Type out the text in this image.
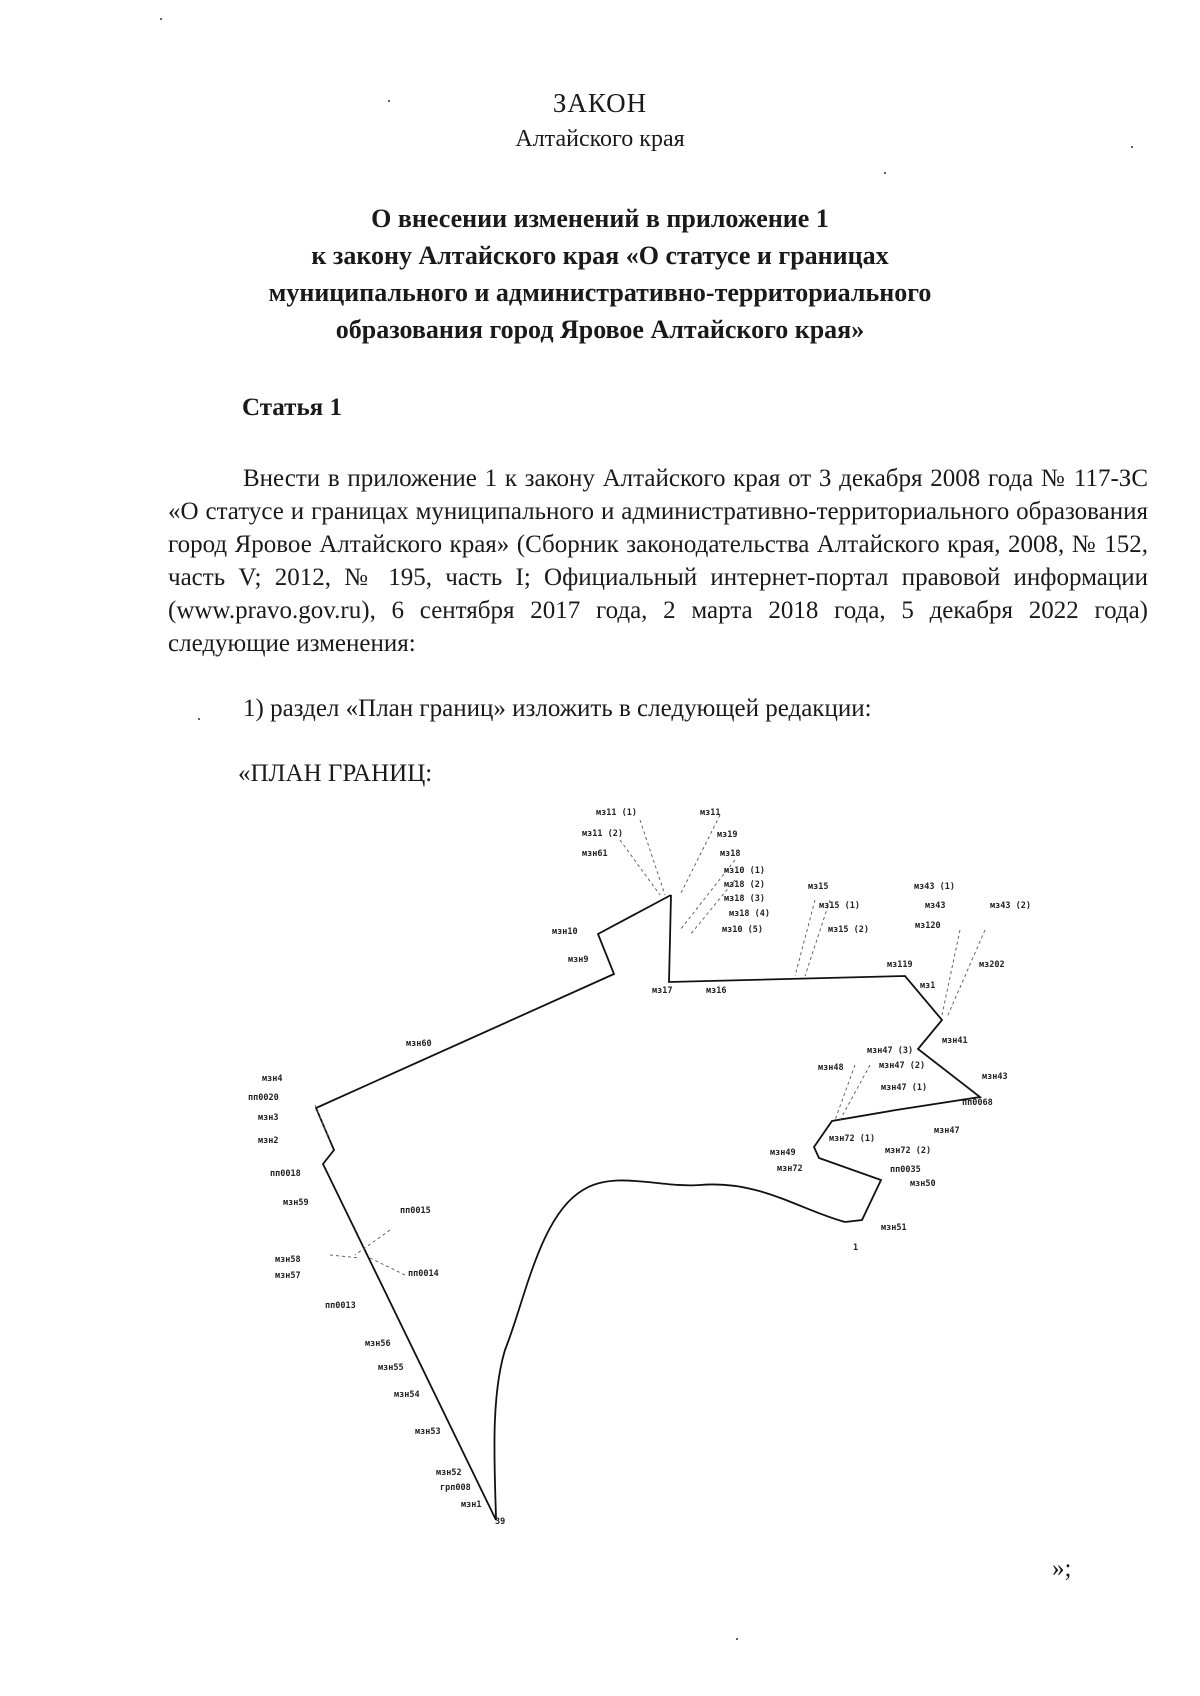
ЗАКОН
Алтайского края
О внесении изменений в приложение 1
к закону Алтайского края «О статусе и границах
муниципального и административно-территориального
образования город Яровое Алтайского края»
Статья 1

Внести в приложение 1 к закону Алтайского края от 3 декабря 2008 года № 117-ЗС «О статусе и границах муниципального и административно-территориального образования город Яровое Алтайского края» (Сборник законодательства Алтайского края, 2008, № 152, часть V; 2012, № 195, часть I; Официальный интернет-портал правовой информации (www.pravo.gov.ru), 6 сентября 2017 года, 2 марта 2018 года, 5 декабря 2022 года) следующие изменения:

1) раздел «План границ» изложить в следующей редакции:
«ПЛАН ГРАНИЦ:
мз11 (1)	мз11
мз11 (2)
мзн61
мз19
мз18
мз10 (1)
мз18 (2)
мз18 (3)
мз18 (4)
мз10 (5)
мзн10
мзн9
мз17	мз16
мз15
мз15 (1)
мз15 (2)
мз43 (1)
мз43	мз43 (2)
мз120
мз119	мз202
мз1
мзн41
мзн47 (3)
мзн47 (2)
мзн48
мзн47 (1)
мзн43
пп0068
мзн47
мзн72 (1)
мзн49	мзн72 (2)
мзн72	пп0035
мзн50
мзн51
1
мзн60
мзн4
пп0020
мзн3
мзн2
пп0018
мзн59
пп0015
мзн58
мзн57	пп0014
пп0013
мзн56
мзн55
мзн54
мзн53
мзн52
грп008
мзн1
39
»;
